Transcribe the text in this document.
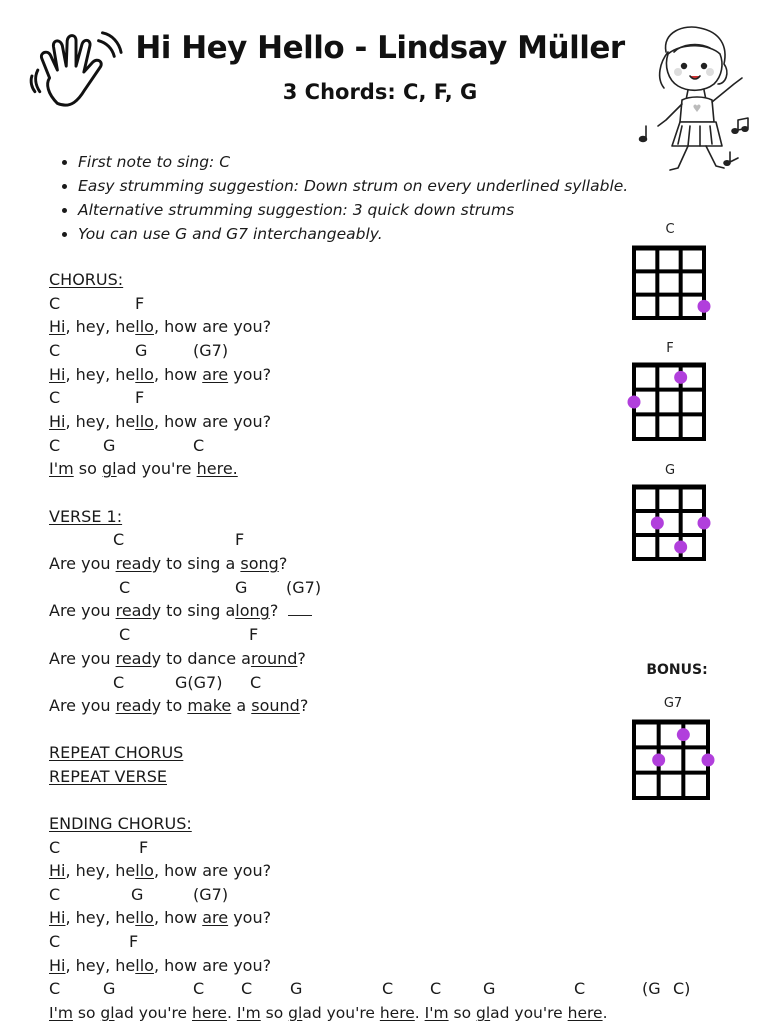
Hi Hey Hello - Lindsay Müller
3 Chords: C, F, G
• First note to sing: C
• Easy strumming suggestion: Down strum on every underlined syllable.
• Alternative strumming suggestion: 3 quick down strums
• You can use G and G7 interchangeably.
CHORUS:
C	F
Hi, hey, hello, how are you?
C	G	(G7)
Hi, hey, hello, how are you?
C	F
Hi, hey, hello, how are you?
C	G	C
I'm so glad you're here.
VERSE 1:
C	F
Are you ready to sing a song?
C	G (G7)
Are you ready to sing along?
C	F
Are you ready to dance around?
C	G(G7) C
Are you ready to make a sound?
REPEAT CHORUS
REPEAT VERSE
ENDING CHORUS:
C	F
Hi, hey, hello, how are you?
C	G	(G7)
Hi, hey, hello, how are you?
C	F
Hi, hey, hello, how are you?
C	G	C C G	C C	G	C	(G C)
I'm so glad you're here. I'm so glad you're here. I'm so glad you're here.
C
F
G
BONUS:
G7
